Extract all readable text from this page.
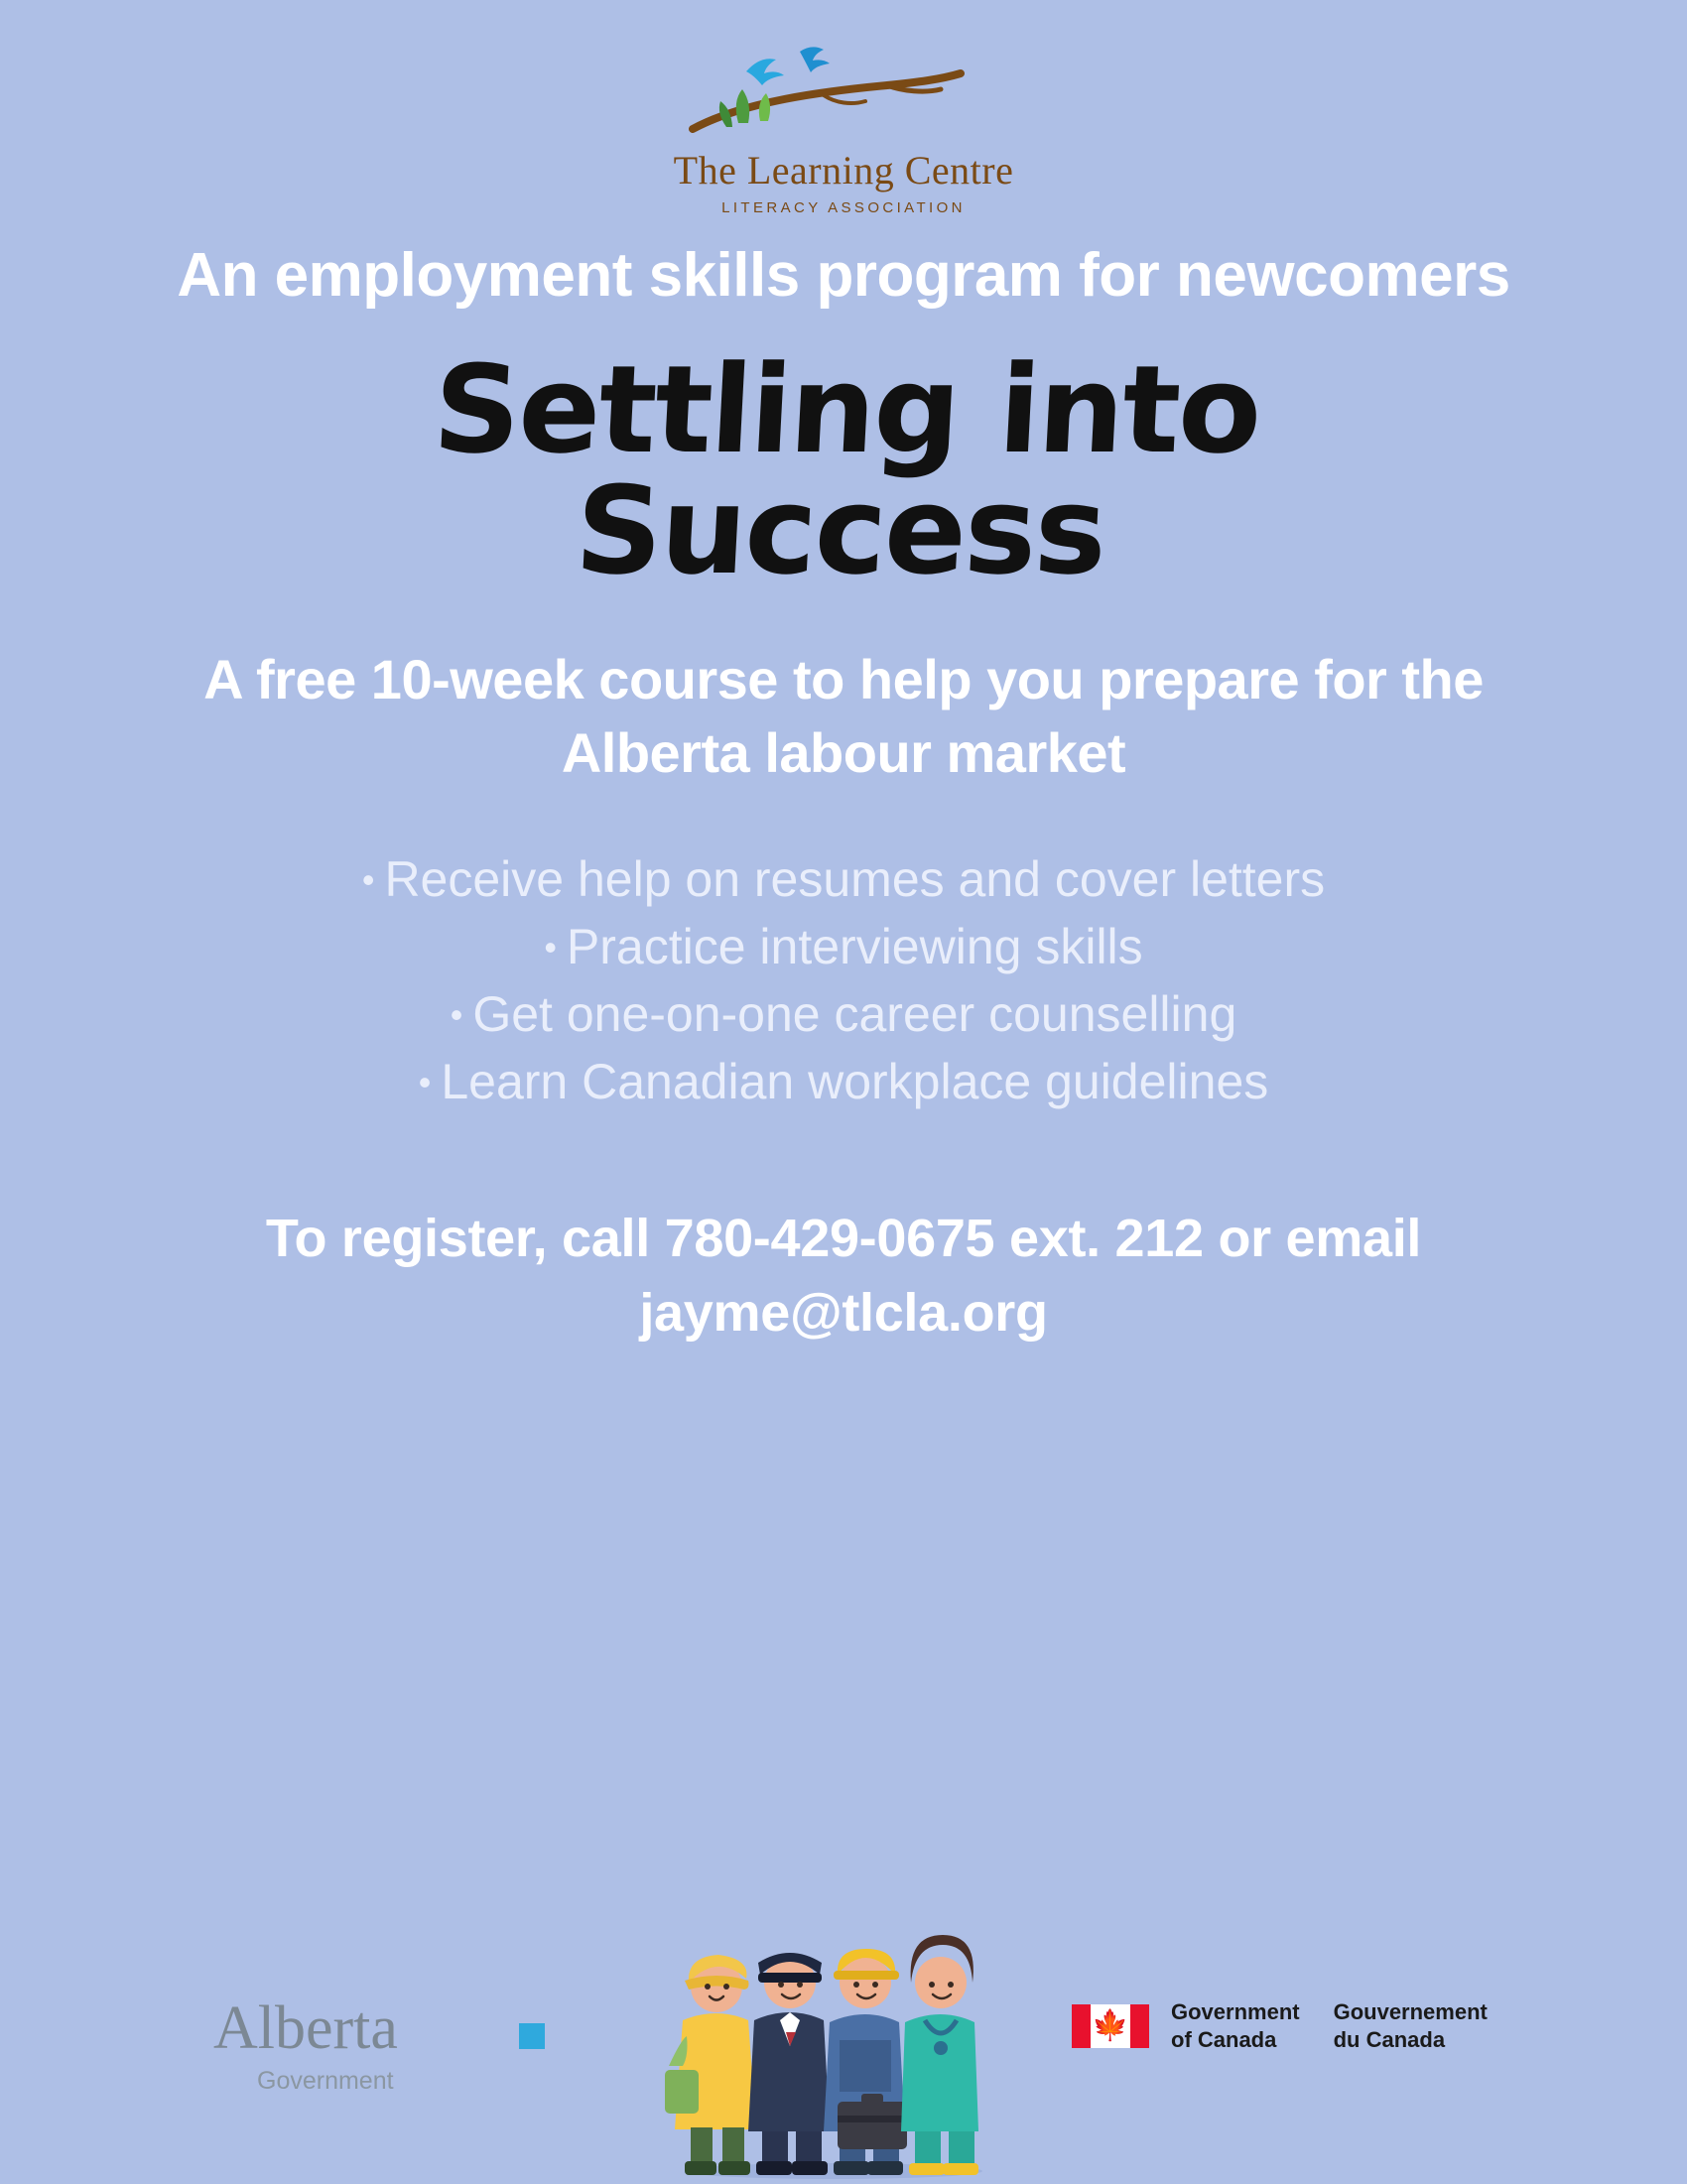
The Learning Centre
LITERACY ASSOCIATION
An employment skills program for newcomers
Settling into Success
A free 10-week course to help you prepare for the Alberta labour market
• Receive help on resumes and cover letters
• Practice interviewing skills
• Get one-on-one career counselling
• Learn Canadian workplace guidelines
To register, call 780-429-0675 ext. 212 or email jayme@tlcla.org
Alberta
Government
🍁 Government
of Canada
Gouvernement
du Canada
